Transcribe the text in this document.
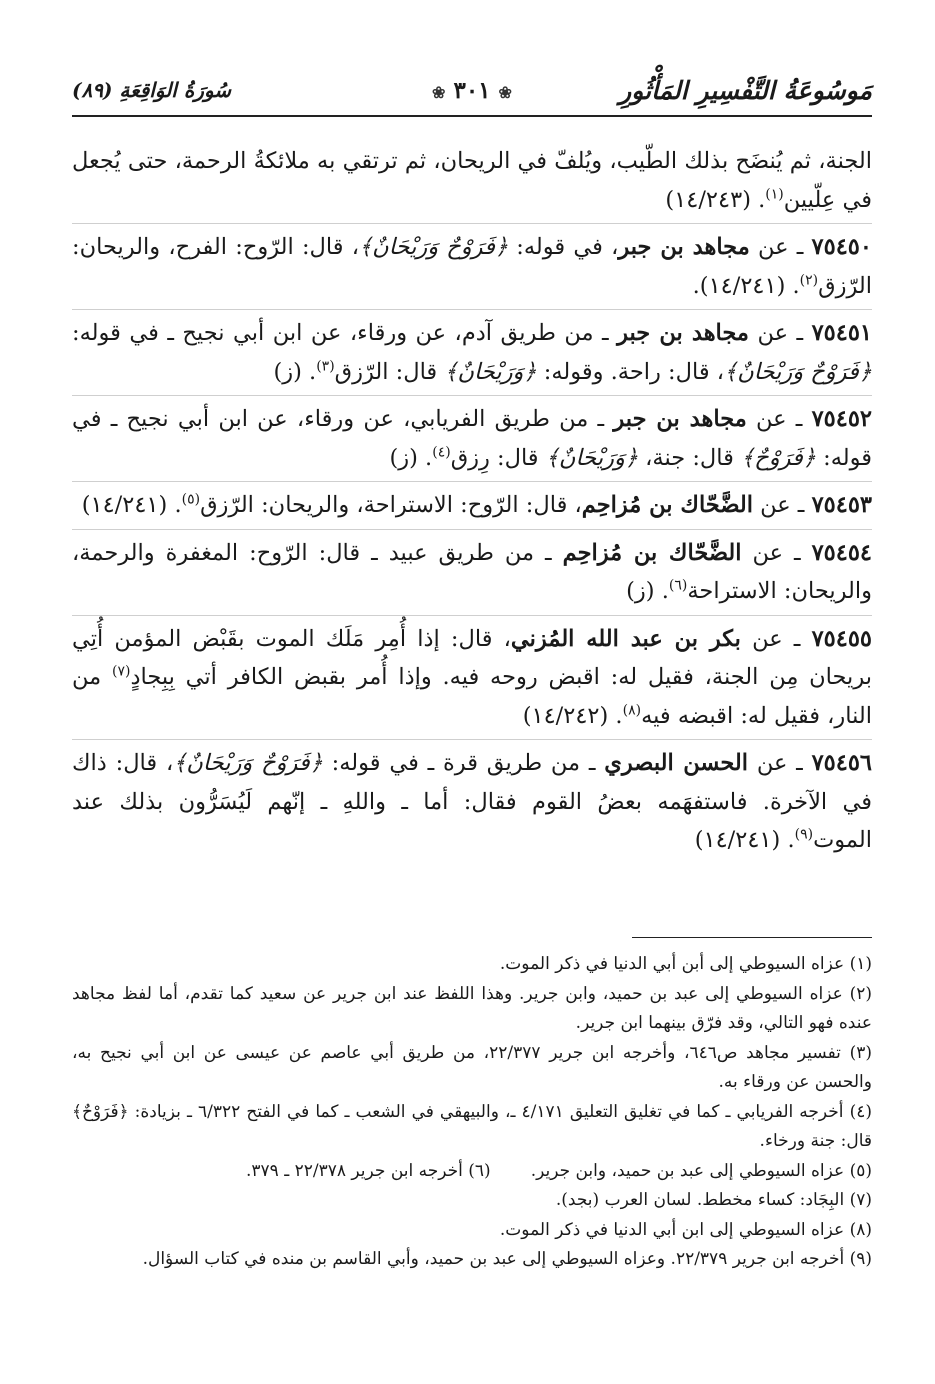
مَوسُوعَةُ التَّفْسِيرِ المَأْثُورِ
❀ ٣٠١ ❀
سُورَةُ الوَاقِعَةِ (٨٩)

الجنة، ثم يُنضَح بذلك الطّيب، ويُلفّ في الريحان، ثم ترتقي به ملائكةُ الرحمة، حتى يُجعل في عِلّيين$^{(١)}$. (١٤/٢٤٣)

٧٥٤٥٠ ـ عن مجاهد بن جبر، في قوله: ﴿فَرَوْحٌ وَرَيْحَانٌ﴾، قال: الرّوح: الفرح، والريحان: الرّزق$^{(٢)}$. (١٤/٢٤١).

٧٥٤٥١ ـ عن مجاهد بن جبر ـ من طريق آدم، عن ورقاء، عن ابن أبي نجيح ـ في قوله: ﴿فَرَوْحٌ وَرَيْحَانٌ﴾، قال: راحة. وقوله: ﴿وَرَيْحَانٌ﴾ قال: الرّزق$^{(٣)}$. (ز)

٧٥٤٥٢ ـ عن مجاهد بن جبر ـ من طريق الفريابي، عن ورقاء، عن ابن أبي نجيح ـ في قوله: ﴿فَرَوْحٌ﴾ قال: جنة، ﴿وَرَيْحَانٌ﴾ قال: رِزق$^{(٤)}$. (ز)

٧٥٤٥٣ ـ عن الضَّحّاك بن مُزاحِم، قال: الرّوح: الاستراحة، والريحان: الرّزق$^{(٥)}$. (١٤/٢٤١)

٧٥٤٥٤ ـ عن الضَّحّاك بن مُزاحِم ـ من طريق عبيد ـ قال: الرّوح: المغفرة والرحمة، والريحان: الاستراحة$^{(٦)}$. (ز)

٧٥٤٥٥ ـ عن بكر بن عبد الله المُزني، قال: إذا أُمِر مَلَك الموت بقَبْض المؤمن أُتِي بريحان مِن الجنة، فقيل له: اقبض روحه فيه. وإذا أُمر بقبض الكافر أتي بِبِجادٍ$^{(٧)}$ من النار، فقيل له: اقبضه فيه$^{(٨)}$. (١٤/٢٤٢)

٧٥٤٥٦ ـ عن الحسن البصري ـ من طريق قرة ـ في قوله: ﴿فَرَوْحٌ وَرَيْحَانٌ﴾، قال: ذاك في الآخرة. فاستفهَمه بعضُ القوم فقال: أما ـ واللهِ ـ إنّهم لَيُسَرُّون بذلك عند الموت$^{(٩)}$. (١٤/٢٤١)

(١) عزاه السيوطي إلى أبن أبي الدنيا في ذكر الموت.

(٢) عزاه السيوطي إلى عبد بن حميد، وابن جرير. وهذا اللفظ عند ابن جرير عن سعيد كما تقدم، أما لفظ مجاهد عنده فهو التالي، وقد فرّق بينهما ابن جرير.

(٣) تفسير مجاهد ص٦٤٦، وأخرجه ابن جرير ٢٢/٣٧٧، من طريق أبي عاصم عن عيسى عن ابن أبي نجيح به، والحسن عن ورقاء به.

(٤) أخرجه الفريابي ـ كما في تغليق التعليق ٤/١٧١ ـ، والبيهقي في الشعب ـ كما في الفتح ٦/٣٢٢ ـ بزيادة: ﴿فَرَوْحٌ﴾ قال: جنة ورخاء.

(٥) عزاه السيوطي إلى عبد بن حميد، وابن جرير.

(٦) أخرجه ابن جرير ٢٢/٣٧٨ ـ ٣٧٩.

(٧) البِجَاد: كساء مخطط. لسان العرب (بجد).

(٨) عزاه السيوطي إلى ابن أبي الدنيا في ذكر الموت.

(٩) أخرجه ابن جرير ٢٢/٣٧٩. وعزاه السيوطي إلى عبد بن حميد، وأبي القاسم بن منده في كتاب السؤال.
